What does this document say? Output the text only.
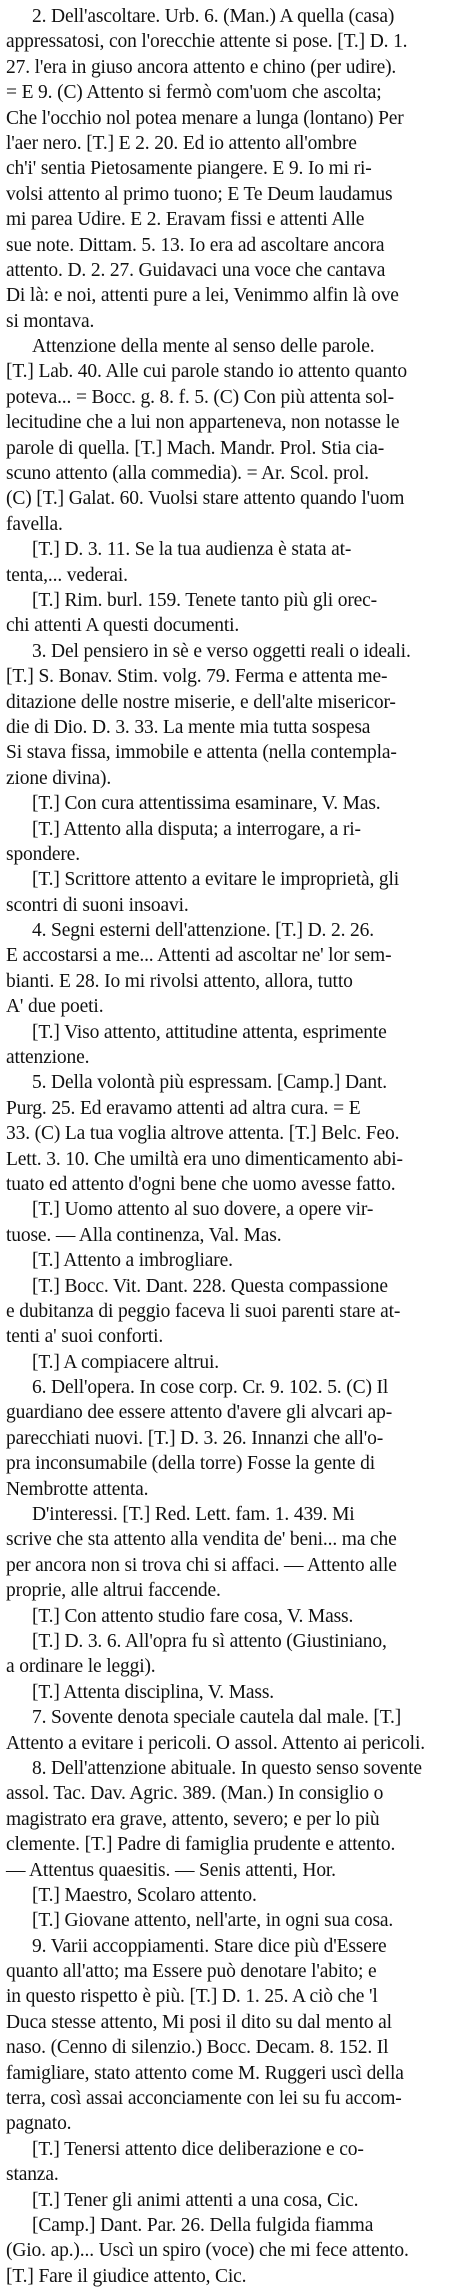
2. Dell'ascoltare. Urb. 6. (Man.) A quella (casa)
appressatosi, con l'orecchie attente si pose. [T.] D. 1.
27. l'era in giuso ancora attento e chino (per udire).
= E 9. (C) Attento si fermò com'uom che ascolta;
Che l'occhio nol potea menare a lunga (lontano) Per
l'aer nero. [T.] E 2. 20. Ed io attento all'ombre
ch'i' sentia Pietosamente piangere. E 9. Io mi ri-
volsi attento al primo tuono; E Te Deum laudamus
mi parea Udire. E 2. Eravam fissi e attenti Alle
sue note. Dittam. 5. 13. Io era ad ascoltare ancora
attento. D. 2. 27. Guidavaci una voce che cantava
Di là: e noi, attenti pure a lei, Venimmo alfin là ove
si montava.
Attenzione della mente al senso delle parole.
[T.] Lab. 40. Alle cui parole stando io attento quanto
poteva... = Bocc. g. 8. f. 5. (C) Con più attenta sol-
lecitudine che a lui non apparteneva, non notasse le
parole di quella. [T.] Mach. Mandr. Prol. Stia cia-
scuno attento (alla commedia). = Ar. Scol. prol.
(C) [T.] Galat. 60. Vuolsi stare attento quando l'uom
favella.
[T.] D. 3. 11. Se la tua audienza è stata at-
tenta,... vederai.
[T.] Rim. burl. 159. Tenete tanto più gli orec-
chi attenti A questi documenti.
3. Del pensiero in sè e verso oggetti reali o ideali.
[T.] S. Bonav. Stim. volg. 79. Ferma e attenta me-
ditazione delle nostre miserie, e dell'alte misericor-
die di Dio. D. 3. 33. La mente mia tutta sospesa
Si stava fissa, immobile e attenta (nella contempla-
zione divina).
[T.] Con cura attentissima esaminare, V. Mas.
[T.] Attento alla disputa; a interrogare, a ri-
spondere.
[T.] Scrittore attento a evitare le improprietà, gli
scontri di suoni insoavi.
4. Segni esterni dell'attenzione. [T.] D. 2. 26.
E accostarsi a me... Attenti ad ascoltar ne' lor sem-
bianti. E 28. Io mi rivolsi attento, allora, tutto
A' due poeti.
[T.] Viso attento, attitudine attenta, esprimente
attenzione.
5. Della volontà più espressam. [Camp.] Dant.
Purg. 25. Ed eravamo attenti ad altra cura. = E
33. (C) La tua voglia altrove attenta. [T.] Belc. Feo.
Lett. 3. 10. Che umiltà era uno dimenticamento abi-
tuato ed attento d'ogni bene che uomo avesse fatto.
[T.] Uomo attento al suo dovere, a opere vir-
tuose. — Alla continenza, Val. Mas.
[T.] Attento a imbrogliare.
[T.] Bocc. Vit. Dant. 228. Questa compassione
e dubitanza di peggio faceva li suoi parenti stare at-
tenti a' suoi conforti.
[T.] A compiacere altrui.
6. Dell'opera. In cose corp. Cr. 9. 102. 5. (C) Il
guardiano dee essere attento d'avere gli alvcari ap-
parecchiati nuovi. [T.] D. 3. 26. Innanzi che all'o-
pra inconsumabile (della torre) Fosse la gente di
Nembrotte attenta.
D'interessi. [T.] Red. Lett. fam. 1. 439. Mi
scrive che sta attento alla vendita de' beni... ma che
per ancora non si trova chi si affaci. — Attento alle
proprie, alle altrui faccende.
[T.] Con attento studio fare cosa, V. Mass.
[T.] D. 3. 6. All'opra fu sì attento (Giustiniano,
a ordinare le leggi).
[T.] Attenta disciplina, V. Mass.
7. Sovente denota speciale cautela dal male. [T.]
Attento a evitare i pericoli. O assol. Attento ai pericoli.
8. Dell'attenzione abituale. In questo senso sovente
assol. Tac. Dav. Agric. 389. (Man.) In consiglio o
magistrato era grave, attento, severo; e per lo più
clemente. [T.] Padre di famiglia prudente e attento.
— Attentus quaesitis. — Senis attenti, Hor.
[T.] Maestro, Scolaro attento.
[T.] Giovane attento, nell'arte, in ogni sua cosa.
9. Varii accoppiamenti. Stare dice più d'Essere
quanto all'atto; ma Essere può denotare l'abito; e
in questo rispetto è più. [T.] D. 1. 25. A ciò che 'l
Duca stesse attento, Mi posi il dito su dal mento al
naso. (Cenno di silenzio.) Bocc. Decam. 8. 152. Il
famigliare, stato attento come M. Ruggeri uscì della
terra, così assai acconciamente con lei su fu accom-
pagnato.
[T.] Tenersi attento dice deliberazione e co-
stanza.
[T.] Tener gli animi attenti a una cosa, Cic.
[Camp.] Dant. Par. 26. Della fulgida fiamma
(Gio. ap.)... Uscì un spiro (voce) che mi fece attento.
[T.] Fare il giudice attento, Cic.
